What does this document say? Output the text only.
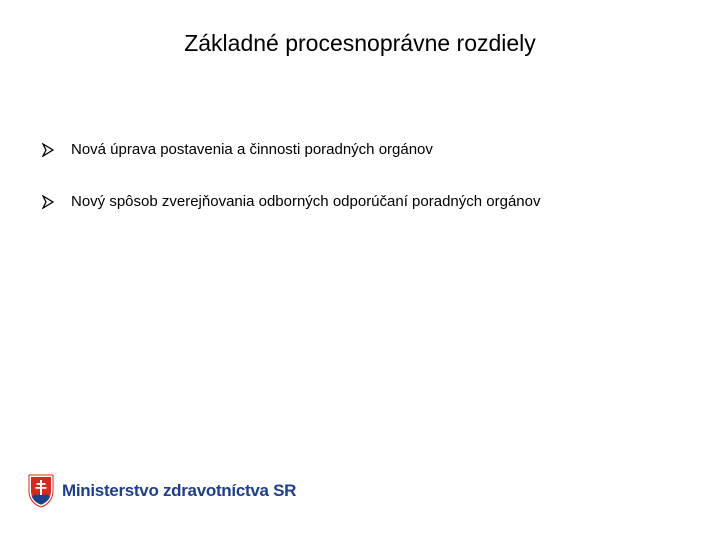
Základné procesnoprávne rozdiely
Nová úprava postavenia a činnosti poradných orgánov
Nový spôsob zverejňovania odborných odporúčaní poradných orgánov
Ministerstvo zdravotníctva SR
